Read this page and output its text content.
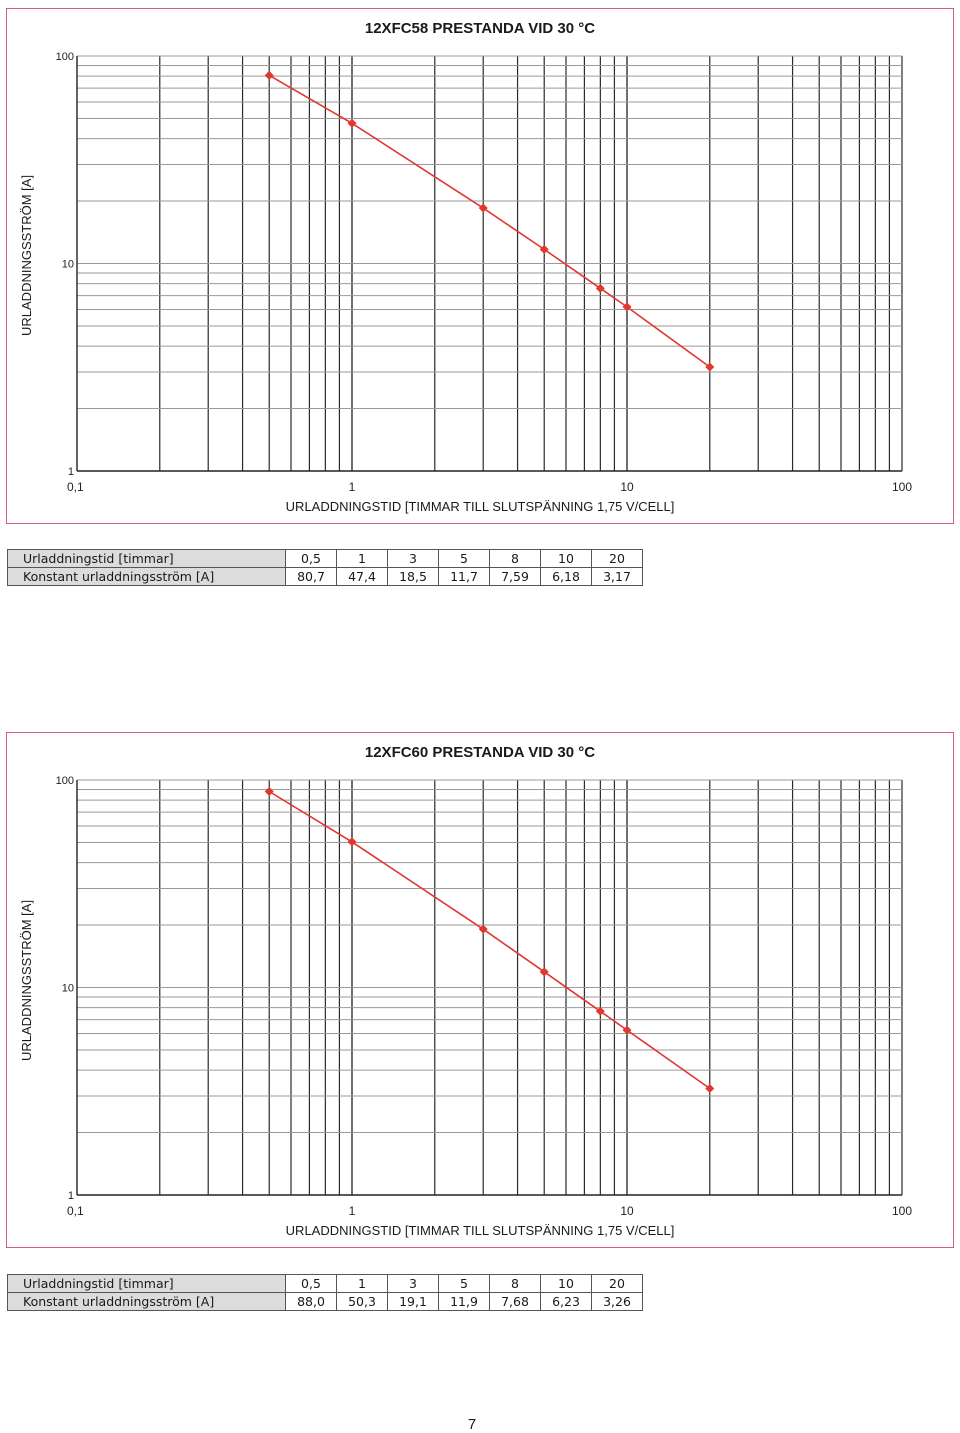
1
10
100
0,1	1	10	100
12XFC58 PRESTANDA VID 30 °C
URLADDNINGSSTRÖM [A]
URLADDNINGSTID [TIMMAR TILL SLUTSPÄNNING 1,75 V/CELL]
Urladdningstid [timmar]	0,5	1	3	5	8	10	20
Konstant urladdningsström [A]	80,7	47,4	18,5	11,7	7,59	6,18	3,17
1
10
100
0,1	1	10	100
12XFC60 PRESTANDA VID 30 °C
URLADDNINGSSTRÖM [A]
URLADDNINGSTID [TIMMAR TILL SLUTSPÄNNING 1,75 V/CELL]
Urladdningstid [timmar]	0,5	1	3	5	8	10	20
Konstant urladdningsström [A]	88,0	50,3	19,1	11,9	7,68	6,23	3,26
7
